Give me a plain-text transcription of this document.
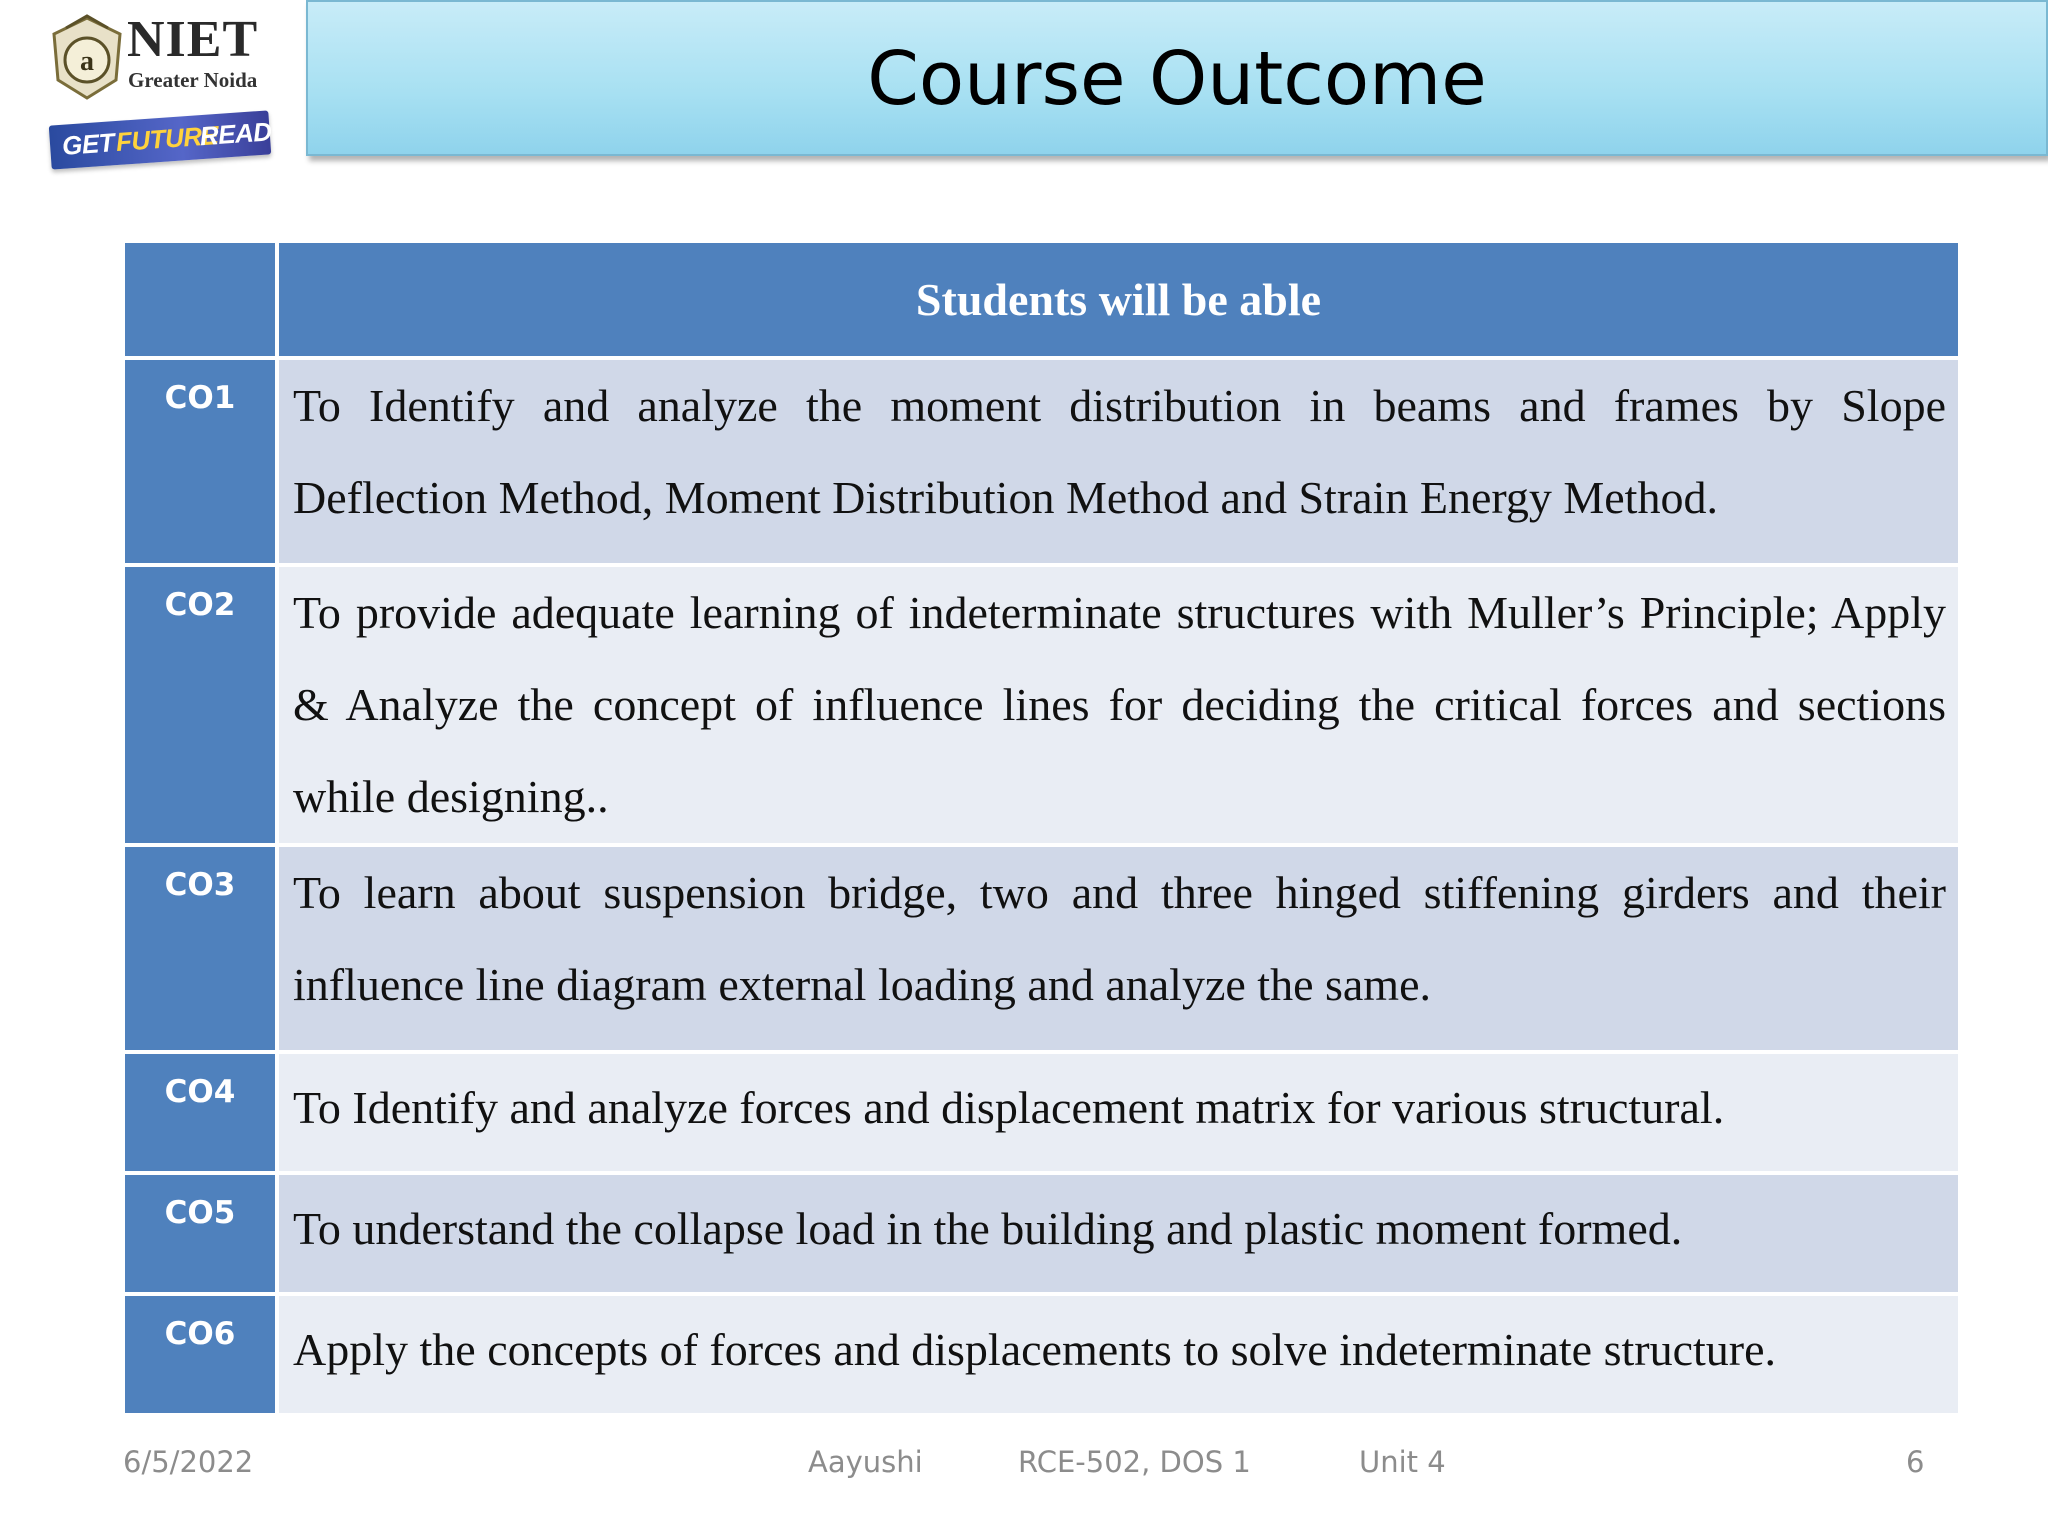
a NIET
Greater Noida
GET FUTURE
READY
Course Outcome
	Students will be able
CO1	To Identify and analyze the moment distribution in beams and frames by Slope Deflection Method, Moment Distribution Method and Strain Energy Method.
CO2	To provide adequate learning of indeterminate structures with Muller’s Principle; Apply & Analyze the concept of influence lines for deciding the critical forces and sections while designing..
CO3	To learn about suspension bridge, two and three hinged stiffening girders and their influence line diagram external loading and analyze the same.
CO4	To Identify and analyze forces and displacement matrix for various structural.
CO5	To understand the collapse load in the building and plastic moment formed.
CO6	Apply the concepts of forces and displacements to solve indeterminate structure.
6/5/2022	Aayushi	RCE-502, DOS 1	Unit 4	6
